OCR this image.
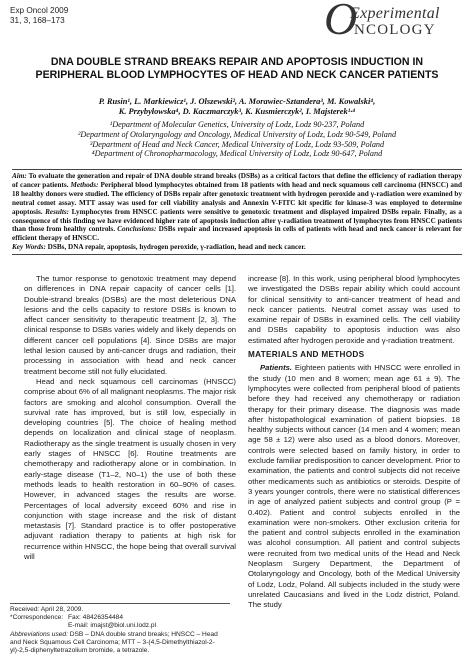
Exp Oncol 2009
31, 3, 168–173	O
Experimental
NCOLOGY
DNA DOUBLE STRAND BREAKS REPAIR AND APOPTOSIS INDUCTION IN PERIPHERAL BLOOD LYMPHOCYTES OF HEAD AND NECK CANCER PATIENTS
P. Rusin¹, L. Markiewicz¹, J. Olszewski², A. Morawiec-Sztandera³, M. Kowalski⁴,
K. Przybyłowska⁴, D. Kaczmarczyk³, K. Kusmierczyk², I. Majsterek¹·⁴
¹Department of Molecular Genetics, University of Lodz, Lodz 90-237, Poland
²Department of Otolaryngology and Oncology, Medical University of Lodz, Lodz 90-549, Poland
³Department of Head and Neck Cancer, Medical University of Lodz, Lodz 93-509, Poland
⁴Department of Chronopharmacology, Medical University of Lodz, Lodz 90-647, Poland
Aim: To evaluate the generation and repair of DNA double strand breaks (DSBs) as a critical factors that define the efficiency of radiation therapy of cancer patients. Methods: Peripheral blood lymphocytes obtained from 18 patients with head and neck squamous cell carcinoma (HNSCC) and 18 healthy donors were studied. The efficiency of DSBs repair after genotoxic treatment with hydrogen peroxide and γ-radiation were examined by neutral comet assay. MTT assay was used for cell viability analysis and Annexin V-FITC kit specific for kinase-3 was employed to determine apoptosis. Results: Lymphocytes from HNSCC patients were sensitive to genotoxic treatment and displayed impaired DSBs repair. Finally, as a consequence of this finding we have evidenced higher rate of apoptosis induction after γ-radiation treatment of lymphocytes from HNSCC patients than those from healthy controls. Conclusions: DSBs repair and increased apoptosis in cells of patients with head and neck cancer is relevant for efficient therapy of HNSCC.
Key Words: DSBs, DNA repair, apoptosis, hydrogen peroxide, γ-radiation, head and neck cancer.

The tumor response to genotoxic treatment may depend on differences in DNA repair capacity of cancer cells [1]. Double-strand breaks (DSBs) are the most deleterious DNA lesions and the cells capacity to restore DSBs is known to affect cancer sensitivity to therapeutic treatment [2, 3]. The clinical response to DSBs varies widely and likely depends on different cancer cell populations [4]. Since DSBs are major lethal lesion caused by anti-cancer drugs and radiation, their processing in association with head and neck cancer treatment become still not fully elucidated.

Head and neck squamous cell carcinomas (HNSCC) comprise about 6% of all malignant neoplasms. The major risk factors are smoking and alcohol consumption. Overall the survival rate has improved, but is still low, especially in developing countries [5]. The choice of healing method depends on localization and clinical stage of neoplasm. Radiotherapy as the single treatment is usually chosen in very early stages of HNSCC [6]. Routine treatments are chemotherapy and radiotherapy alone or in combination. In early-stage disease (T1–2, N0–1) the use of both these methods leads to health restoration in 60–90% of cases. However, in advanced stages the results are worse. Percentages of local adversity exceed 60% and rise in conjunction with stage increase and the risk of distant metastasis [7]. Standard practice is to offer postoperative adjuvant radiation therapy to patients at high risk for recurrence within HNSCC, the hope being that overall survival will

increase [8]. In this work, using peripheral blood lymphocytes we investigated the DSBs repair ability which could account for clinical sensitivity to anti-cancer treatment of head and neck cancer patients. Neutral comet assay was used to examine repair of DSBs in examined cells. The cell viability and DSBs capability to apoptosis induction was also estimated after hydrogen peroxide and γ-radiation treatment.

MATERIALS AND METHODS

Patients. Eighteen patients with HNSCC were enrolled in the study (10 men and 8 women; mean age 61 ± 9). The lymphocytes were collected from peripheral blood of patients before they had received any chemotherapy or radiation therapy for their primary disease. The diagnosis was made after histopathological examination of patient biopsies. 18 healthy subjects without cancer (14 men and 4 women; mean age 58 ± 12) were also used as a blood donors. Moreover, controls were selected based on family history, in order to exclude familiar predisposition to cancer development. Prior to examination, the patients and control subjects did not receive other medicaments such as antibiotics or steroids. Despite of 3 years younger controls, there were no statistical differences in age of analyzed patient subjects and control group (P = 0.402). Patient and control subjects enrolled in the examination were non-smokers. Other exclusion criteria for the patient and control subjects enrolled in the examination was alcohol consumption. All patient and control subjects were recruited from two medical units of the Head and Neck Neoplasm Surgery Department, the Department of Otolaryngology and Oncology, both of the Medical University of Lodz, Lodz, Poland. All subjects included in the study were unrelated Caucasians and lived in the Lodz district, Poland. The study

Received: April 28, 2009.
*Correspondence: Fax: 48426354484
E-mail: imajst@biol.uni.lodz.pl
Abbreviations used: DSB – DNA double strand breaks; HNSCC – Head and Neck Squamous Cell Carcinoma; MTT – 3-(4,5-Dimethylthiazol-2-yl)-2,5-diphenyltetrazolium bromide, a tetrazole.
